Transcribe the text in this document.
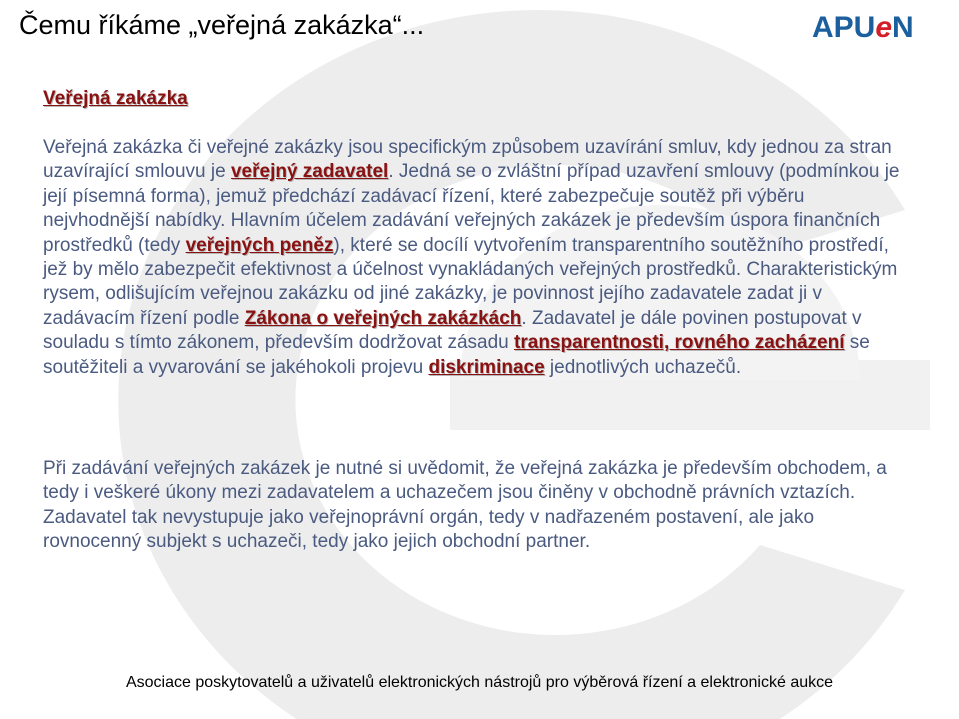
Čemu říkáme „veřejná zakázka“...	APUeN
Veřejná zakázka

Veřejná zakázka či veřejné zakázky jsou specifickým způsobem uzavírání smluv, kdy jednou za stran uzavírající smlouvu je veřejný zadavatel. Jedná se o zvláštní případ uzavření smlouvy (podmínkou je její písemná forma), jemuž předchází zadávací řízení, které zabezpečuje soutěž při výběru nejvhodnější nabídky. Hlavním účelem zadávání veřejných zakázek je především úspora finančních prostředků (tedy veřejných peněz), které se docílí vytvořením transparentního soutěžního prostředí, jež by mělo zabezpečit efektivnost a účelnost vynakládaných veřejných prostředků. Charakteristickým rysem, odlišujícím veřejnou zakázku od jiné zakázky, je povinnost jejího zadavatele zadat ji v zadávacím řízení podle Zákona o veřejných zakázkách. Zadavatel je dále povinen postupovat v souladu s tímto zákonem, především dodržovat zásadu transparentnosti, rovného zacházení se soutěžiteli a vyvarování se jakéhokoli projevu diskriminace jednotlivých uchazečů.

Při zadávání veřejných zakázek je nutné si uvědomit, že veřejná zakázka je především obchodem, a tedy i veškeré úkony mezi zadavatelem a uchazečem jsou činěny v obchodně právních vztazích. Zadavatel tak nevystupuje jako veřejnoprávní orgán, tedy v nadřazeném postavení, ale jako rovnocenný subjekt s uchazeči, tedy jako jejich obchodní partner.

Asociace poskytovatelů a uživatelů elektronických nástrojů pro výběrová řízení a elektronické aukce
